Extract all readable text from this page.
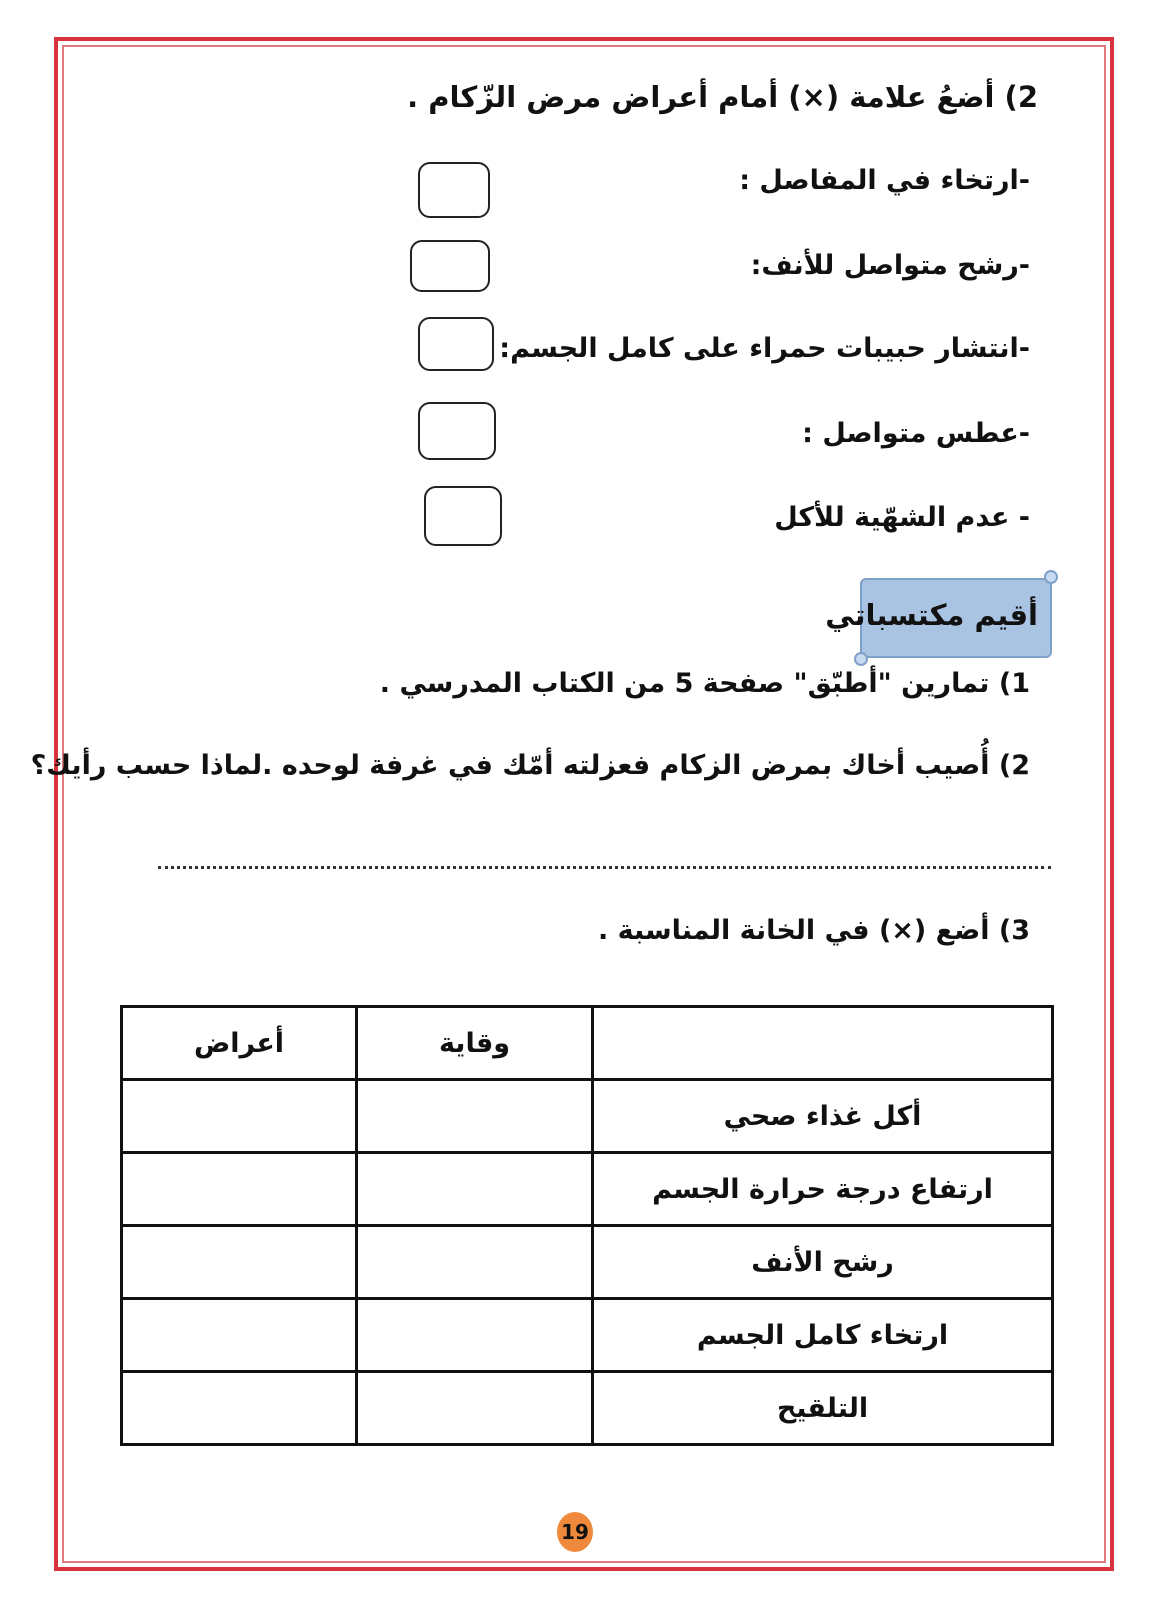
2) أضعُ علامة (×) أمام أعراض مرض الزّكام .
-ارتخاء في المفاصل :
-رشح متواصل للأنف:
-انتشار حبيبات حمراء على كامل الجسم:
-عطس متواصل :
- عدم الشهّية للأكل
أقيم مكتسباتي
1) تمارين "أطبّق" صفحة 5 من الكتاب المدرسي .
2) أُصيب أخاك بمرض الزكام فعزلته أمّك في غرفة لوحده .لماذا حسب رأيك؟
3) أضع (×) في الخانة المناسبة .
	وقاية	أعراض
أكل غذاء صحي		
ارتفاع درجة حرارة الجسم		
رشح الأنف		
ارتخاء كامل الجسم		
التلقيح		
19
